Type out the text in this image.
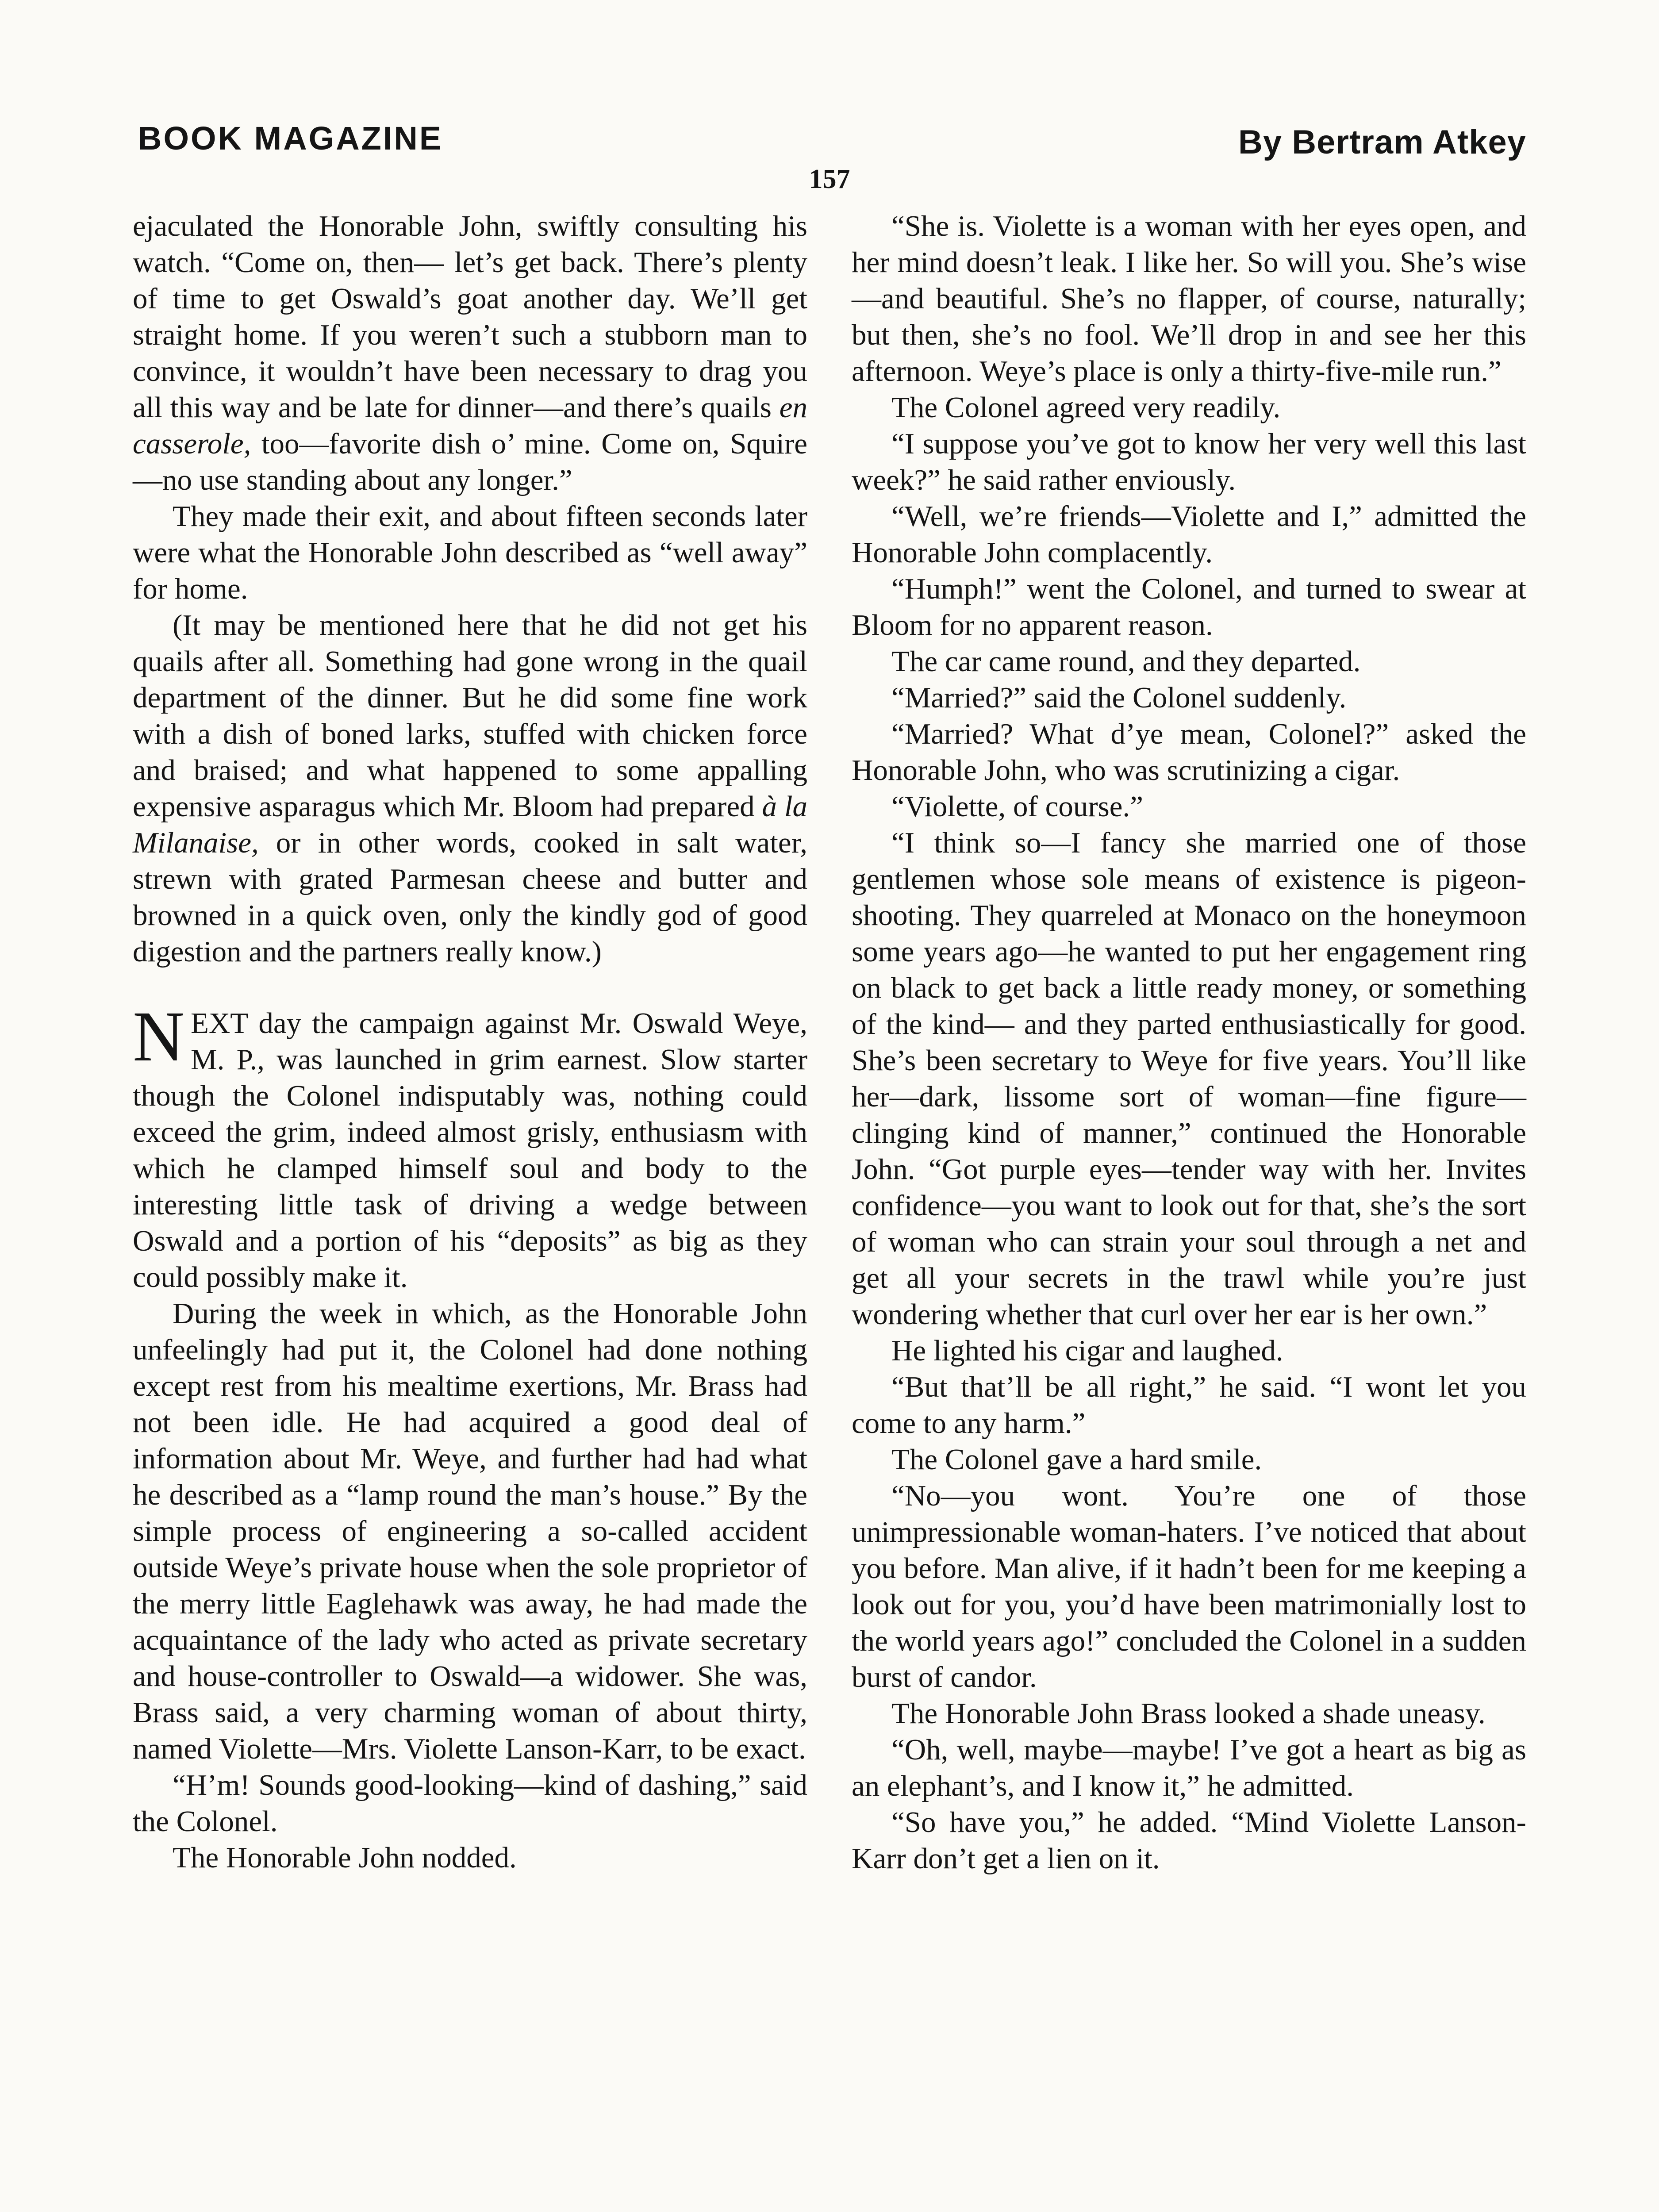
BOOK MAGAZINE	By Bertram Atkey
157

ejaculated the Honorable John, swiftly consulting his watch. “Come on, then— let’s get back. There’s plenty of time to get Oswald’s goat another day. We’ll get straight home. If you weren’t such a stubborn man to convince, it wouldn’t have been necessary to drag you all this way and be late for dinner—and there’s quails en casserole, too—favorite dish o’ mine. Come on, Squire—no use standing about any longer.”

They made their exit, and about fifteen seconds later were what the Honorable John described as “well away” for home.

(It may be mentioned here that he did not get his quails after all. Something had gone wrong in the quail department of the dinner. But he did some fine work with a dish of boned larks, stuffed with chicken force and braised; and what happened to some appalling expensive asparagus which Mr. Bloom had prepared à la Milanaise, or in other words, cooked in salt water, strewn with grated Parmesan cheese and butter and browned in a quick oven, only the kindly god of good digestion and the partners really know.)

NEXT day the campaign against Mr. Oswald Weye, M. P., was launched in grim earnest. Slow starter though the Colonel indisputably was, nothing could exceed the grim, indeed almost grisly, enthusiasm with which he clamped himself soul and body to the interesting little task of driving a wedge between Oswald and a portion of his “deposits” as big as they could possibly make it.

During the week in which, as the Honorable John unfeelingly had put it, the Colonel had done nothing except rest from his mealtime exertions, Mr. Brass had not been idle. He had acquired a good deal of information about Mr. Weye, and further had had what he described as a “lamp round the man’s house.” By the simple process of engineering a so-called accident outside Weye’s private house when the sole proprietor of the merry little Eaglehawk was away, he had made the acquaintance of the lady who acted as private secretary and house-controller to Oswald—a widower. She was, Brass said, a very charming woman of about thirty, named Violette—Mrs. Violette Lanson-Karr, to be exact.

“H’m! Sounds good-looking—kind of dashing,” said the Colonel.

The Honorable John nodded.

“She is. Violette is a woman with her eyes open, and her mind doesn’t leak. I like her. So will you. She’s wise—and beautiful. She’s no flapper, of course, naturally; but then, she’s no fool. We’ll drop in and see her this afternoon. Weye’s place is only a thirty-five-mile run.”

The Colonel agreed very readily.

“I suppose you’ve got to know her very well this last week?” he said rather enviously.

“Well, we’re friends—Violette and I,” admitted the Honorable John complacently.

“Humph!” went the Colonel, and turned to swear at Bloom for no apparent reason.

The car came round, and they departed.

“Married?” said the Colonel suddenly.

“Married? What d’ye mean, Colonel?” asked the Honorable John, who was scrutinizing a cigar.

“Violette, of course.”

“I think so—I fancy she married one of those gentlemen whose sole means of existence is pigeon-shooting. They quarreled at Monaco on the honeymoon some years ago—he wanted to put her engagement ring on black to get back a little ready money, or something of the kind— and they parted enthusiastically for good. She’s been secretary to Weye for five years. You’ll like her—dark, lissome sort of woman—fine figure—clinging kind of manner,” continued the Honorable John. “Got purple eyes—tender way with her. Invites confidence—you want to look out for that, she’s the sort of woman who can strain your soul through a net and get all your secrets in the trawl while you’re just wondering whether that curl over her ear is her own.”

He lighted his cigar and laughed.

“But that’ll be all right,” he said. “I wont let you come to any harm.”

The Colonel gave a hard smile.

“No—you wont. You’re one of those unimpressionable woman-haters. I’ve noticed that about you before. Man alive, if it hadn’t been for me keeping a look out for you, you’d have been matrimonially lost to the world years ago!” concluded the Colonel in a sudden burst of candor.

The Honorable John Brass looked a shade uneasy.

“Oh, well, maybe—maybe! I’ve got a heart as big as an elephant’s, and I know it,” he admitted.

“So have you,” he added. “Mind Violette Lanson-Karr don’t get a lien on it.
